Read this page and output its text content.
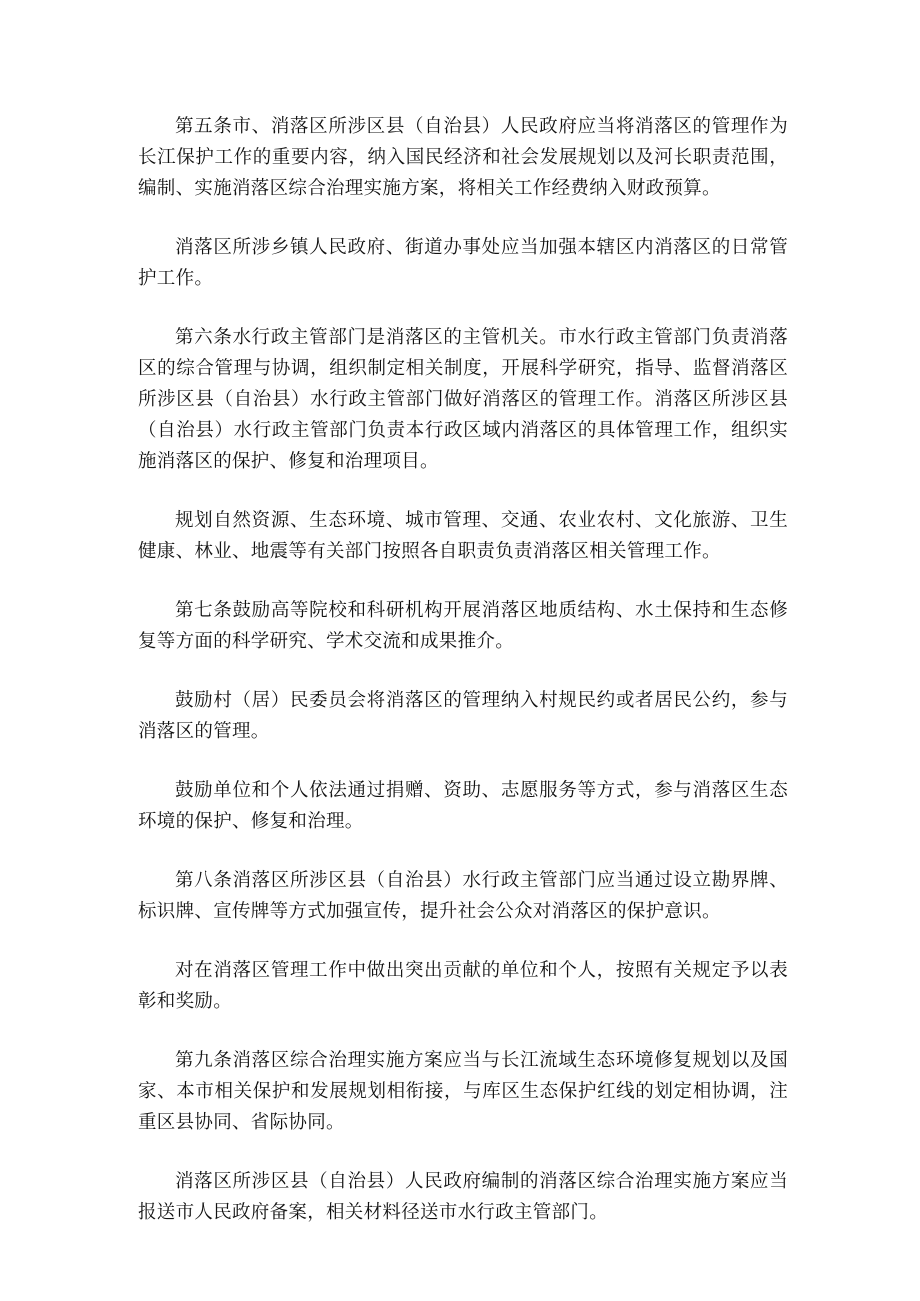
第五条市、消落区所涉区县（自治县）人民政府应当将消落区的管理作为长江保护工作的重要内容，纳入国民经济和社会发展规划以及河长职责范围，编制、实施消落区综合治理实施方案，将相关工作经费纳入财政预算。

消落区所涉乡镇人民政府、街道办事处应当加强本辖区内消落区的日常管护工作。

第六条水行政主管部门是消落区的主管机关。市水行政主管部门负责消落区的综合管理与协调，组织制定相关制度，开展科学研究，指导、监督消落区所涉区县（自治县）水行政主管部门做好消落区的管理工作。消落区所涉区县（自治县）水行政主管部门负责本行政区域内消落区的具体管理工作，组织实施消落区的保护、修复和治理项目。

规划自然资源、生态环境、城市管理、交通、农业农村、文化旅游、卫生健康、林业、地震等有关部门按照各自职责负责消落区相关管理工作。

第七条鼓励高等院校和科研机构开展消落区地质结构、水土保持和生态修复等方面的科学研究、学术交流和成果推介。

鼓励村（居）民委员会将消落区的管理纳入村规民约或者居民公约，参与消落区的管理。

鼓励单位和个人依法通过捐赠、资助、志愿服务等方式，参与消落区生态环境的保护、修复和治理。

第八条消落区所涉区县（自治县）水行政主管部门应当通过设立勘界牌、标识牌、宣传牌等方式加强宣传，提升社会公众对消落区的保护意识。

对在消落区管理工作中做出突出贡献的单位和个人，按照有关规定予以表彰和奖励。

第九条消落区综合治理实施方案应当与长江流域生态环境修复规划以及国家、本市相关保护和发展规划相衔接，与库区生态保护红线的划定相协调，注重区县协同、省际协同。

消落区所涉区县（自治县）人民政府编制的消落区综合治理实施方案应当报送市人民政府备案，相关材料径送市水行政主管部门。
